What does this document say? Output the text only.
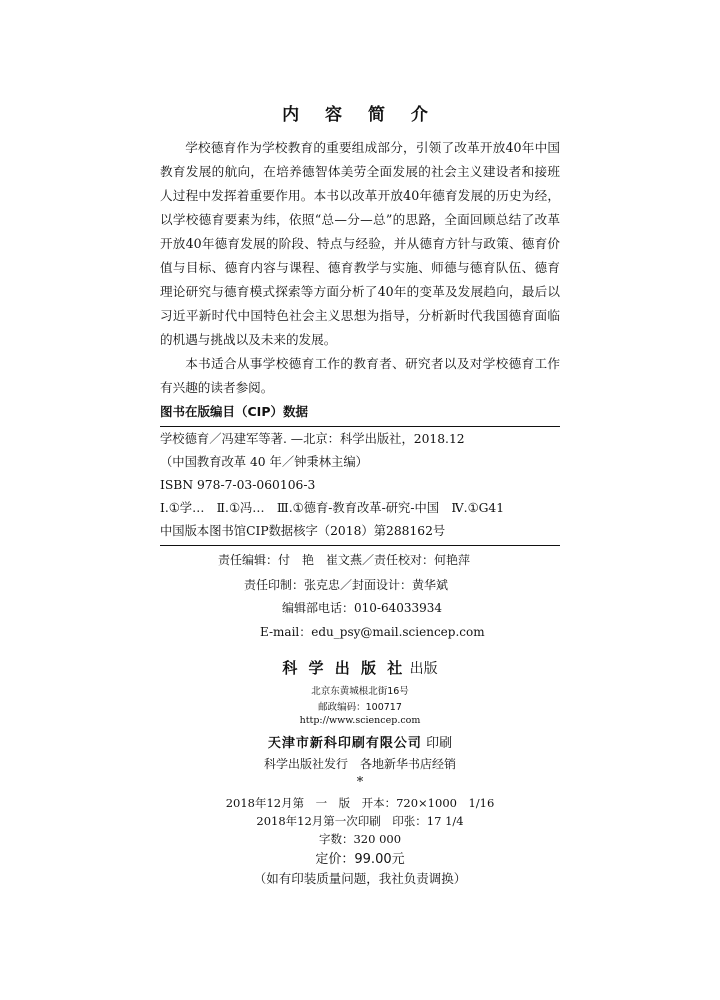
内 容 简 介

学校德育作为学校教育的重要组成部分，引领了改革开放40年中国教育发展的航向，在培养德智体美劳全面发展的社会主义建设者和接班人过程中发挥着重要作用。本书以改革开放40年德育发展的历史为经，以学校德育要素为纬，依照“总—分—总”的思路，全面回顾总结了改革开放40年德育发展的阶段、特点与经验，并从德育方针与政策、德育价值与目标、德育内容与课程、德育教学与实施、师德与德育队伍、德育理论研究与德育模式探索等方面分析了40年的变革及发展趋向，最后以习近平新时代中国特色社会主义思想为指导，分析新时代我国德育面临的机遇与挑战以及未来的发展。

本书适合从事学校德育工作的教育者、研究者以及对学校德育工作有兴趣的读者参阅。

图书在版编目（CIP）数据
学校德育／冯建军等著. —北京：科学出版社，2018.12
（中国教育改革 40 年／钟秉林主编）
ISBN 978-7-03-060106-3
Ⅰ.①学…　Ⅱ.①冯…　Ⅲ.①德育-教育改革-研究-中国　Ⅳ.①G41
中国版本图书馆CIP数据核字（2018）第288162号
责任编辑：付　艳　崔文燕／责任校对：何艳萍
责任印制：张克忠／封面设计：黄华斌
编辑部电话：010-64033934
E-mail：edu_psy@mail.sciencep.com
科 学 出 版 社 出版
北京东黄城根北街16号
邮政编码：100717
http://www.sciencep.com
天津市新科印刷有限公司 印刷
科学出版社发行　各地新华书店经销
*
2018年12月第　一　版　开本：720×1000　1/16
2018年12月第一次印刷　印张：17 1/4
字数：320 000
定价：99.00元
（如有印装质量问题，我社负责调换）
